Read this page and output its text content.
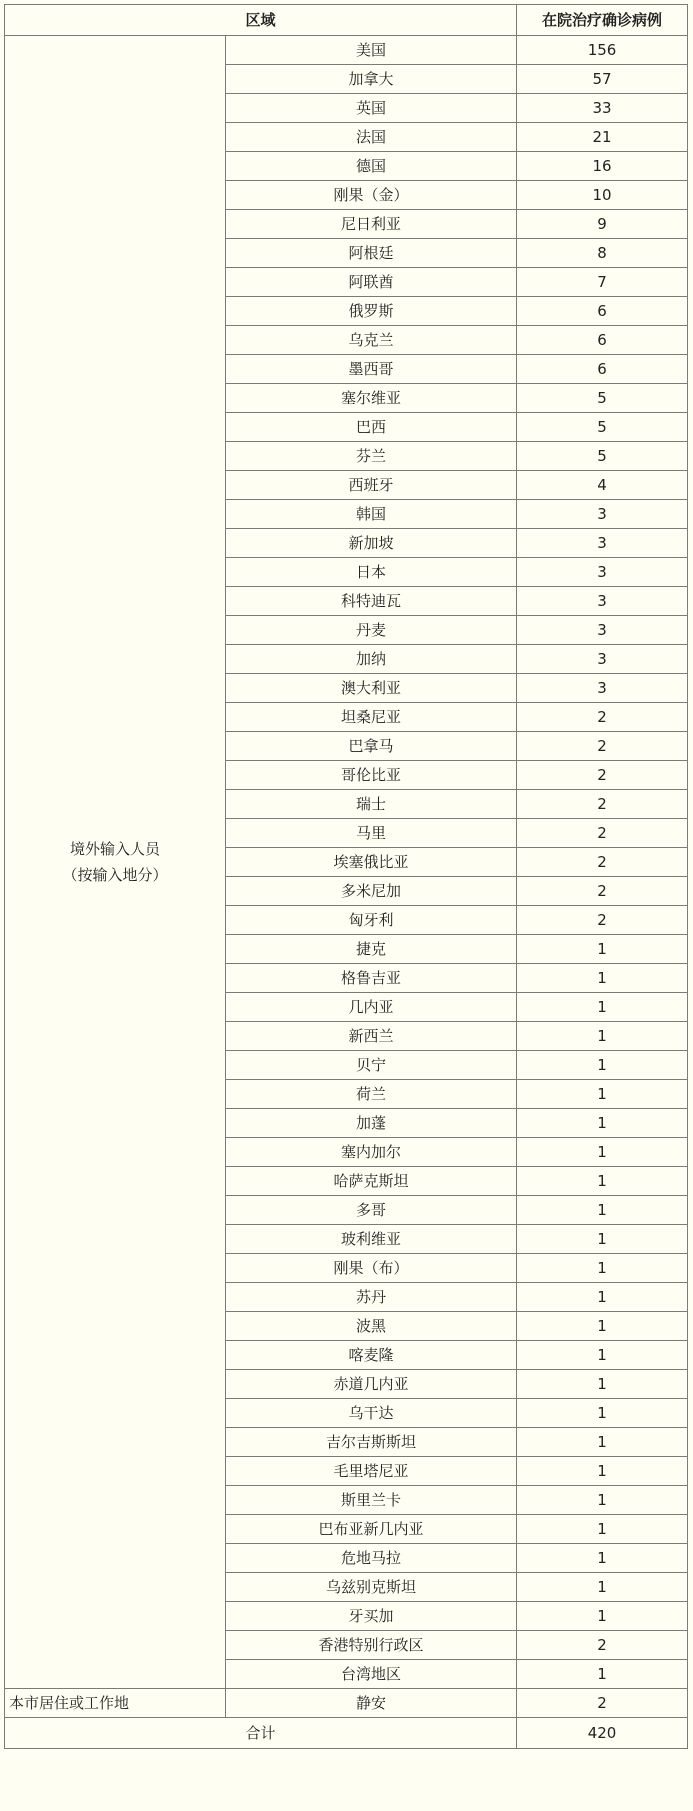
区域		在院治疗确诊病例

境外输入人员
（按输入地分）	美国	156
	加拿大	57
	英国	33
	法国	21
	德国	16
	刚果（金）	10
	尼日利亚	9
	阿根廷	8
	阿联酋	7
	俄罗斯	6
	乌克兰	6
	墨西哥	6
	塞尔维亚	5
	巴西	5
	芬兰	5
	西班牙	4
	韩国	3
	新加坡	3
	日本	3
	科特迪瓦	3
	丹麦	3
	加纳	3
	澳大利亚	3
	坦桑尼亚	2
	巴拿马	2
	哥伦比亚	2
	瑞士	2
	马里	2
	埃塞俄比亚	2
	多米尼加	2
	匈牙利	2
	捷克	1
	格鲁吉亚	1
	几内亚	1
	新西兰	1
	贝宁	1
	荷兰	1
	加蓬	1
	塞内加尔	1
	哈萨克斯坦	1
	多哥	1
	玻利维亚	1
	刚果（布）	1
	苏丹	1
	波黑	1
	喀麦隆	1
	赤道几内亚	1
	乌干达	1
	吉尔吉斯斯坦	1
	毛里塔尼亚	1
	斯里兰卡	1
	巴布亚新几内亚	1
	危地马拉	1
	乌兹别克斯坦	1
	牙买加	1
	香港特别行政区	2
	台湾地区	1
本市居住或工作地	静安	2
合计		420
